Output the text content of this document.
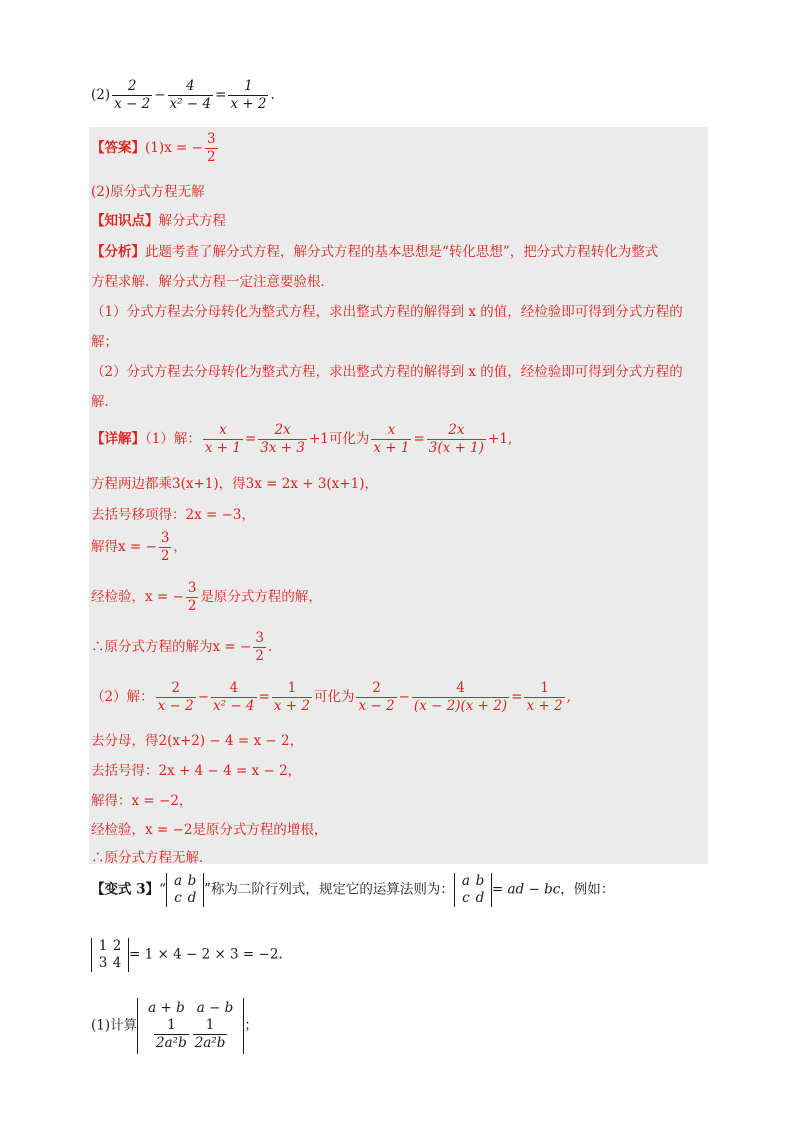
$(2) \frac{2}{x - 2} - \frac{4}{\text{x² − 4}} = \frac{1}{x + 2}$ .
【答案】(1)x = − $\frac{3}{2}$
(2)原分式方程无解
【知识点】解分式方程
【分析】此题考查了解分式方程，解分式方程的基本思想是“转化思想”，把分式方程转化为整式
方程求解．解分式方程一定注意要验根．
（1）分式方程去分母转化为整式方程，求出整式方程的解得到 x 的值，经检验即可得到分式方程的
解；
（2）分式方程去分母转化为整式方程，求出整式方程的解得到 x 的值，经检验即可得到分式方程的
解.
【详解】（1）解： $\frac{x}{x + 1} = \frac{2x}{3x + 3} +1$可化为 $\frac{x}{x + 1} = \frac{2x}{3(x + 1)} +1$,
方程两边都乘3(x+1)，得3x = 2x + 3(x+1)，
去括号移项得：2x = −3，
解得x = − $\frac{3}{2}$ ，
经检验，x = − $\frac{3}{2}$ 是原分式方程的解，
∴原分式方程的解为x = − $\frac{3}{2}$ .
（2）解： $\frac{2}{x - 2} - \frac{4}{\text{x² − 4}} = \frac{1}{x + 2}$ 可化为 $\frac{2}{x - 2} - \frac{4}{(x - 2)(x + 2)} = \frac{1}{x + 2}$ ,
去分母，得2(x+2) − 4 = x − 2，
去括号得：2x + 4 − 4 = x − 2，
解得：x = −2，
经检验，x = −2是原分式方程的增根，
∴原分式方程无解.
【变式 3】“
a b
c d
”称为二阶行列式，规定它的运算法则为：
a b
c d
= ad − bc，例如：
1 2
3 4
= 1 × 4 − 2 × 3 = −2.
(1)计算
a + b a − b
$\frac{1}{\text{2a²b}} \frac{1}{\text{2a²b}}$ ；
